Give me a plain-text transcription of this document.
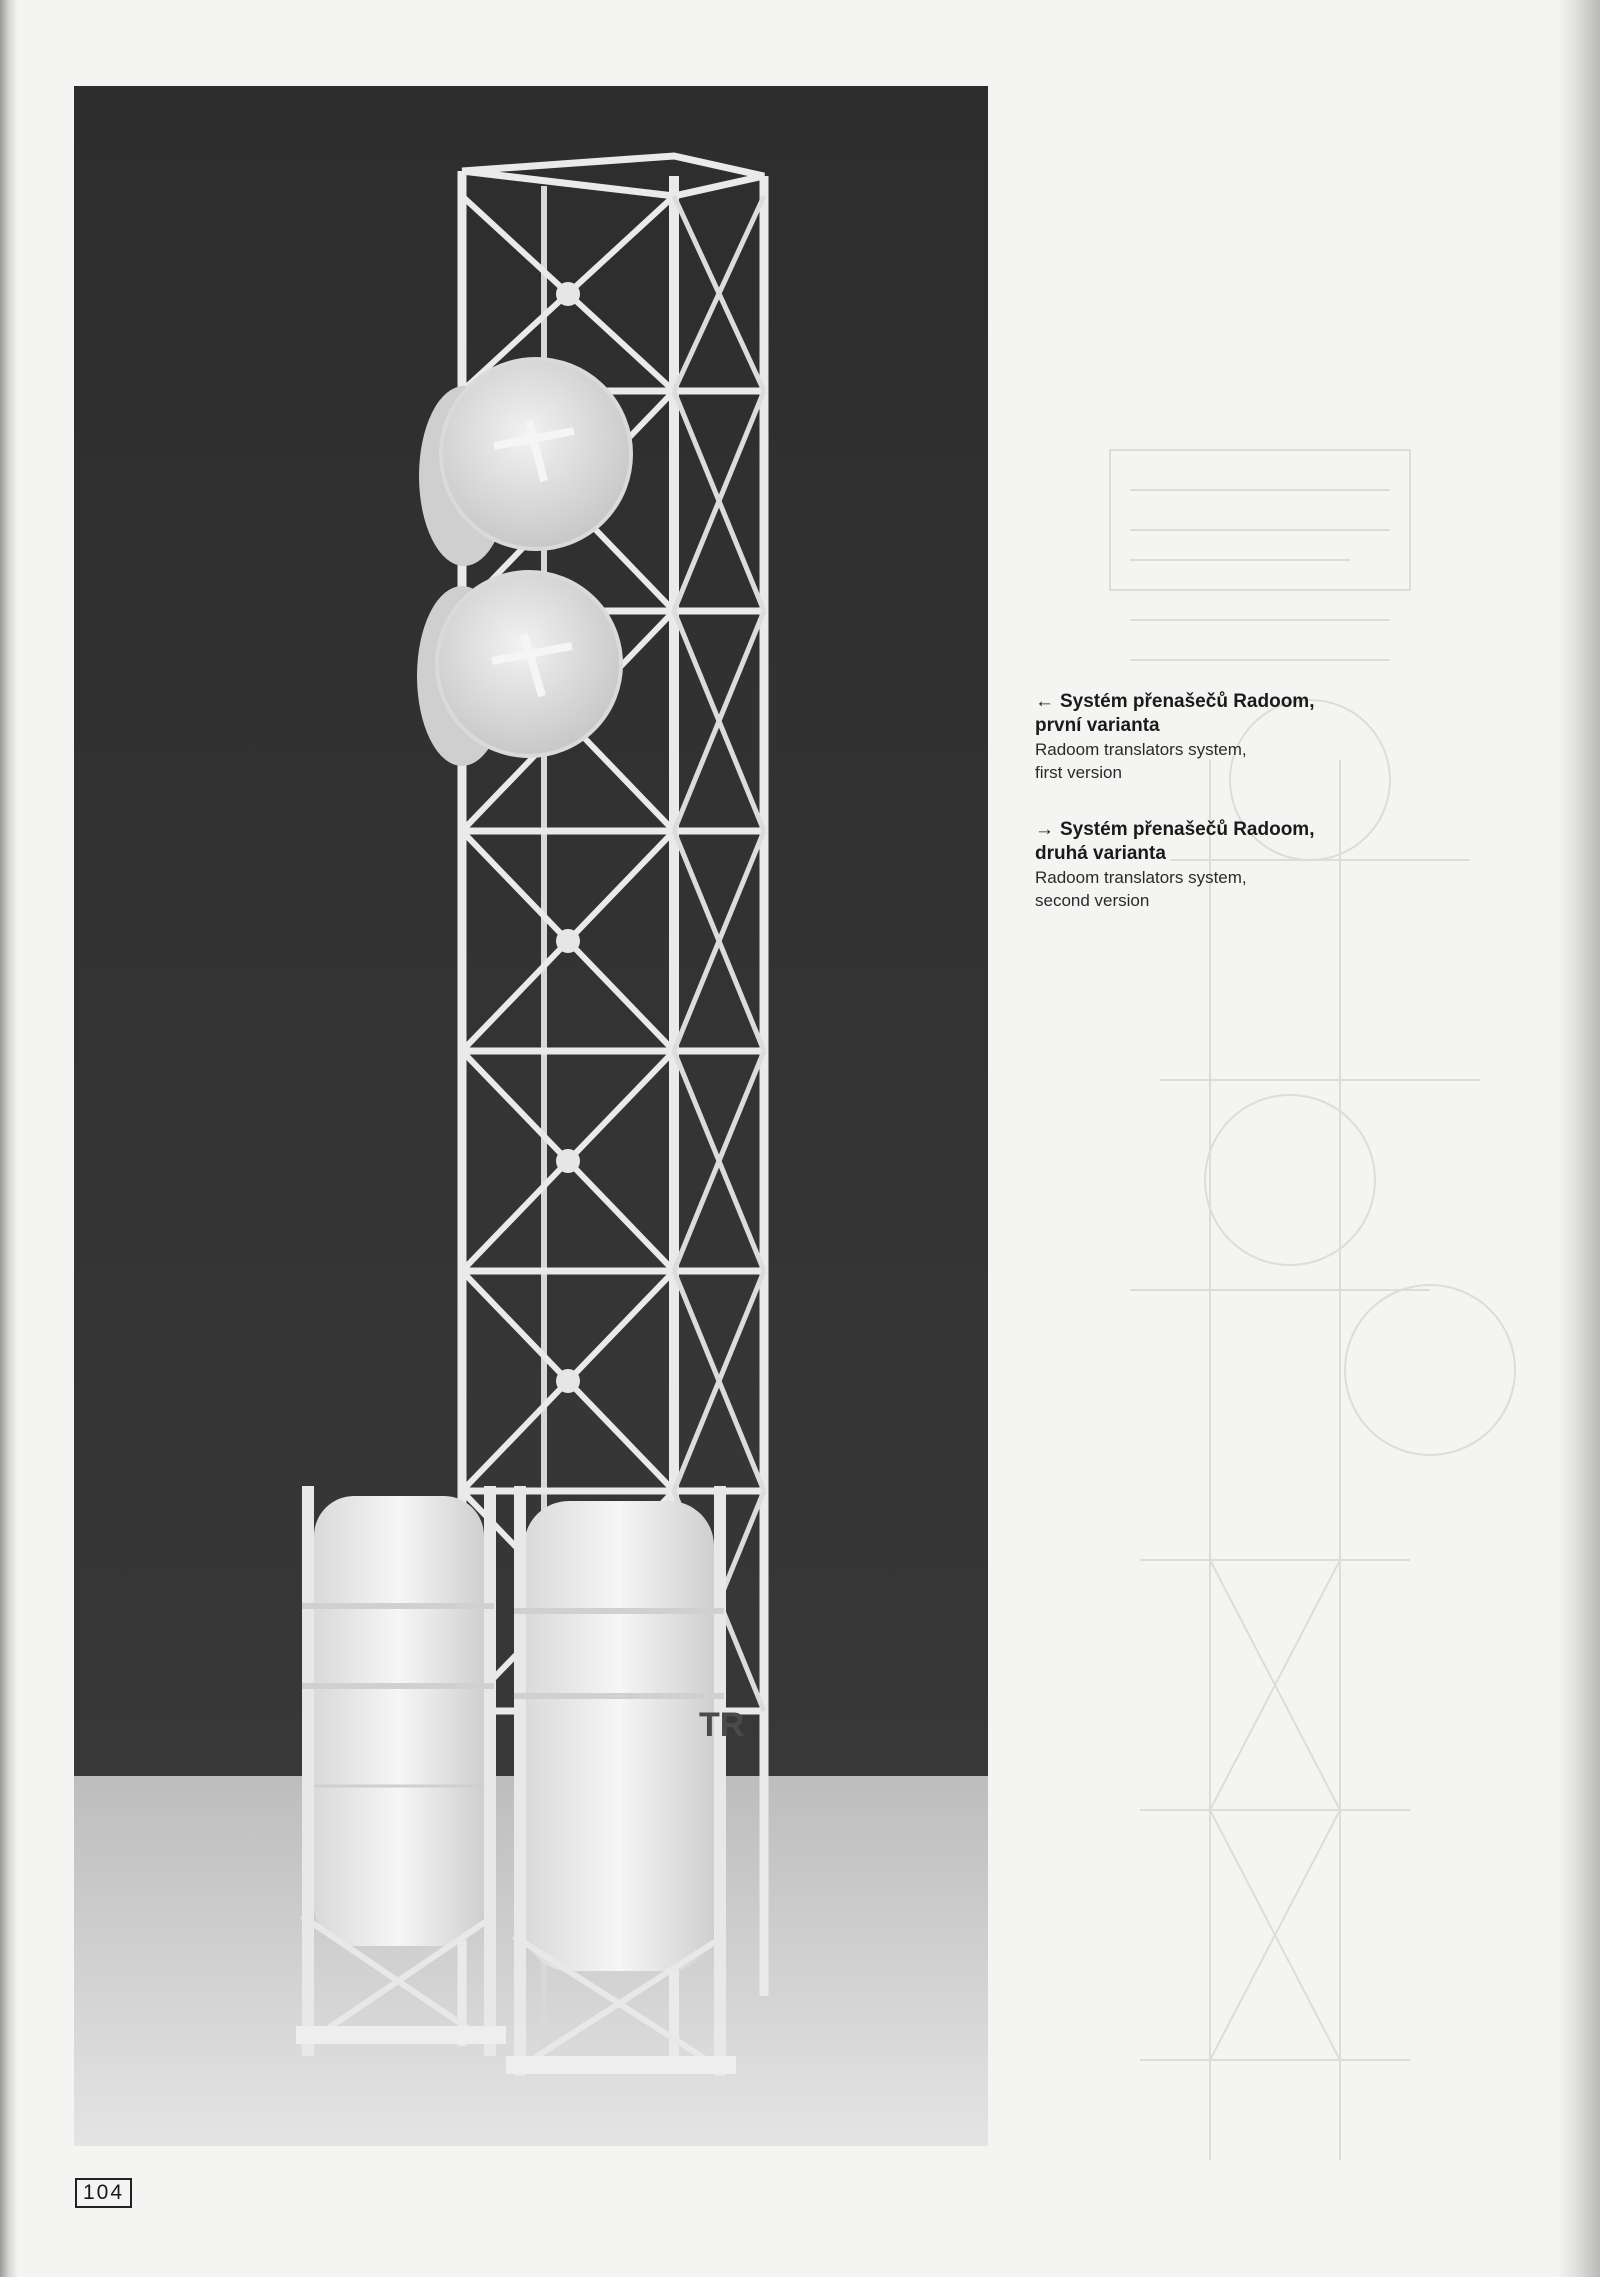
TR

← Systém přenašečů Radoom,

první varianta

Radoom translators system,

first version

→ Systém přenašečů Radoom,

druhá varianta

Radoom translators system,

second version

104
